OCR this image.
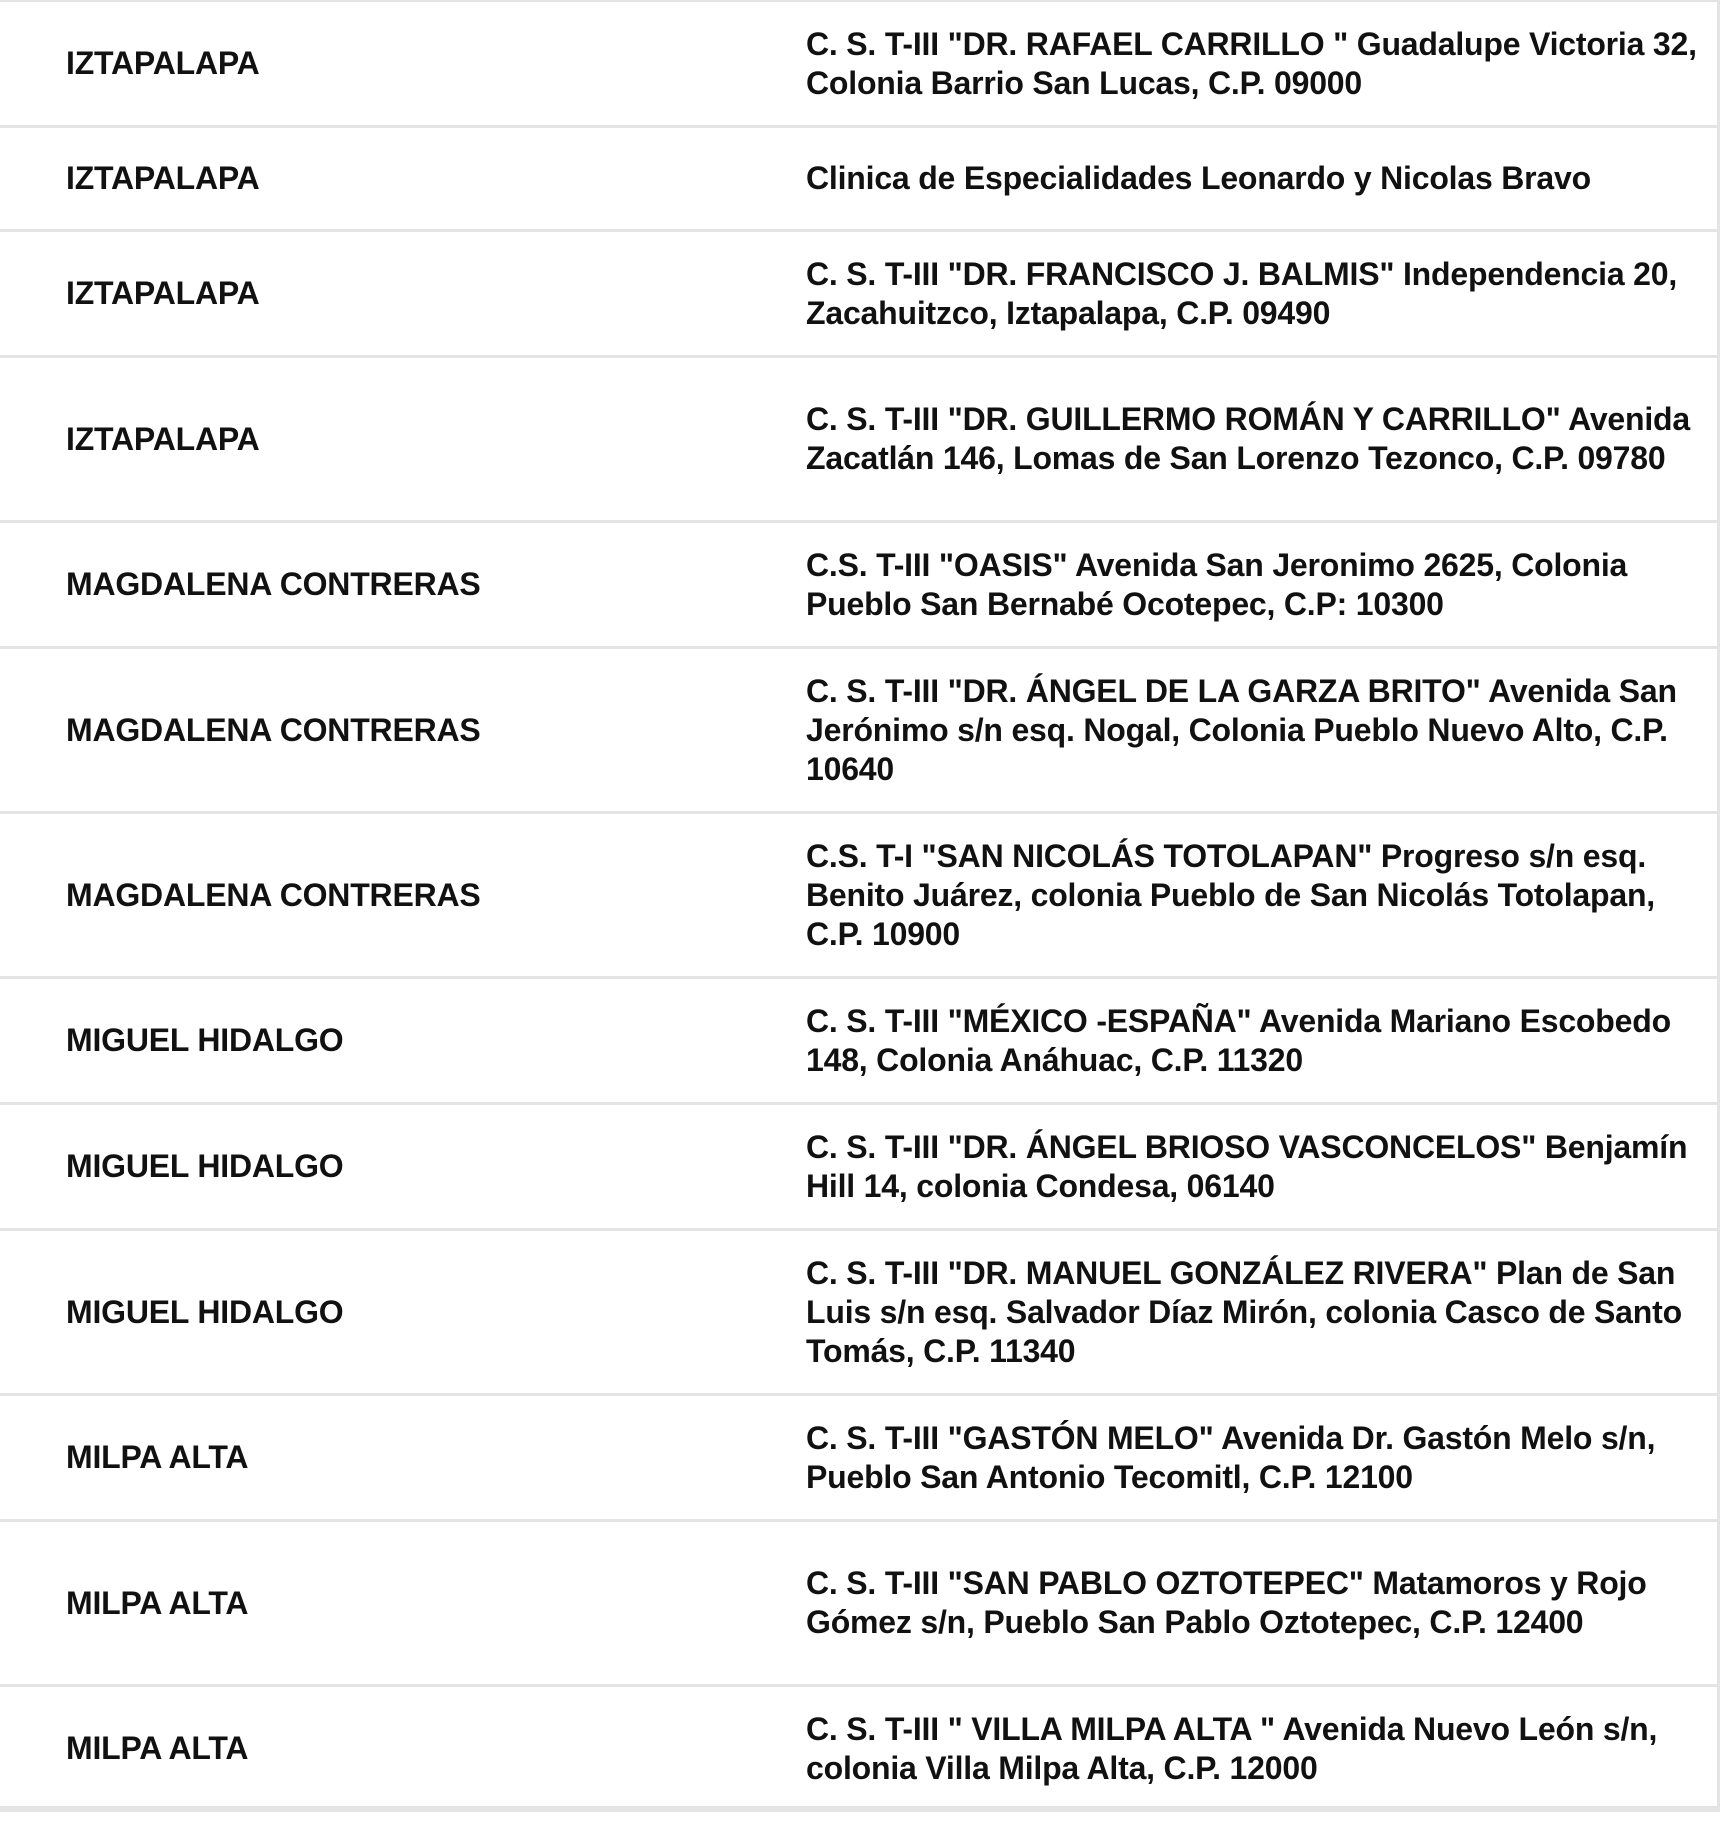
IZTAPALAPA	C. S. T-III "DR. RAFAEL CARRILLO " Guadalupe Victoria 32, Colonia Barrio San Lucas, C.P. 09000
IZTAPALAPA	Clinica de Especialidades Leonardo y Nicolas Bravo
IZTAPALAPA	C. S. T-III "DR. FRANCISCO J. BALMIS" Independencia 20, Zacahuitzco, Iztapalapa, C.P. 09490
IZTAPALAPA	C. S. T-III "DR. GUILLERMO ROMÁN Y CARRILLO" Avenida Zacatlán 146, Lomas de San Lorenzo Tezonco, C.P. 09780
MAGDALENA CONTRERAS	C.S. T-III "OASIS" Avenida San Jeronimo 2625, Colonia Pueblo San Bernabé Ocotepec, C.P: 10300
MAGDALENA CONTRERAS	C. S. T-III "DR. ÁNGEL DE LA GARZA BRITO" Avenida San Jerónimo s/n esq. Nogal, Colonia Pueblo Nuevo Alto, C.P. 10640
MAGDALENA CONTRERAS	C.S. T-I "SAN NICOLÁS TOTOLAPAN" Progreso s/n esq. Benito Juárez, colonia Pueblo de San Nicolás Totolapan, C.P. 10900
MIGUEL HIDALGO	C. S. T-III "MÉXICO -ESPAÑA" Avenida Mariano Escobedo 148, Colonia Anáhuac, C.P. 11320
MIGUEL HIDALGO	C. S. T-III "DR. ÁNGEL BRIOSO VASCONCELOS" Benjamín Hill 14, colonia Condesa, 06140
MIGUEL HIDALGO	C. S. T-III "DR. MANUEL GONZÁLEZ RIVERA" Plan de San Luis s/n esq. Salvador Díaz Mirón, colonia Casco de Santo Tomás, C.P. 11340
MILPA ALTA	C. S. T-III "GASTÓN MELO" Avenida Dr. Gastón Melo s/n, Pueblo San Antonio Tecomitl, C.P. 12100
MILPA ALTA	C. S. T-III "SAN PABLO OZTOTEPEC" Matamoros y Rojo Gómez s/n, Pueblo San Pablo Oztotepec, C.P. 12400
MILPA ALTA	C. S. T-III " VILLA MILPA ALTA " Avenida Nuevo León s/n, colonia Villa Milpa Alta, C.P. 12000
